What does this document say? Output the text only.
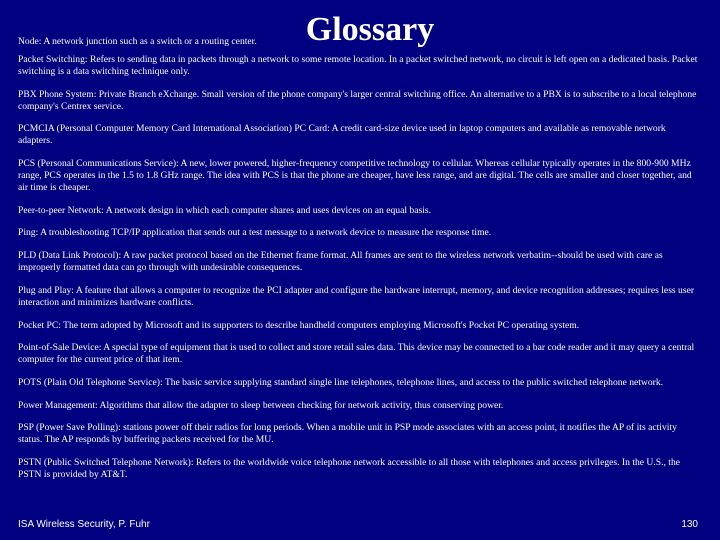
Node: A network junction such as a switch or a routing center.	Glossary

Packet Switching: Refers to sending data in packets through a network to some remote location. In a packet switched network, no circuit is left open on a dedicated basis. Packet switching is a data switching technique only.

PBX Phone System: Private Branch eXchange. Small version of the phone company's larger central switching office. An alternative to a PBX is to subscribe to a local telephone company's Centrex service.

PCMCIA (Personal Computer Memory Card International Association) PC Card: A credit card-size device used in laptop computers and available as removable network adapters.

PCS (Personal Communications Service): A new, lower powered, higher-frequency competitive technology to cellular. Whereas cellular typically operates in the 800-900 MHz range, PCS operates in the 1.5 to 1.8 GHz range. The idea with PCS is that the phone are cheaper, have less range, and are digital. The cells are smaller and closer together, and air time is cheaper.

Peer-to-peer Network: A network design in which each computer shares and uses devices on an equal basis.

Ping: A troubleshooting TCP/IP application that sends out a test message to a network device to measure the response time.

PLD (Data Link Protocol): A raw packet protocol based on the Ethernet frame format. All frames are sent to the wireless network verbatim--should be used with care as improperly formatted data can go through with undesirable consequences.

Plug and Play: A feature that allows a computer to recognize the PCI adapter and configure the hardware interrupt, memory, and device recognition addresses; requires less user interaction and minimizes hardware conflicts.

Pocket PC: The term adopted by Microsoft and its supporters to describe handheld computers employing Microsoft's Pocket PC operating system.

Point-of-Sale Device: A special type of equipment that is used to collect and store retail sales data. This device may be connected to a bar code reader and it may query a central computer for the current price of that item.

POTS (Plain Old Telephone Service): The basic service supplying standard single line telephones, telephone lines, and access to the public switched telephone network.

Power Management: Algorithms that allow the adapter to sleep between checking for network activity, thus conserving power.

PSP (Power Save Polling): stations power off their radios for long periods. When a mobile unit in PSP mode associates with an access point, it notifies the AP of its activity status. The AP responds by buffering packets received for the MU.

PSTN (Public Switched Telephone Network): Refers to the worldwide voice telephone network accessible to all those with telephones and access privileges. In the U.S., the PSTN is provided by AT&T.

ISA Wireless Security, P. Fuhr	130
